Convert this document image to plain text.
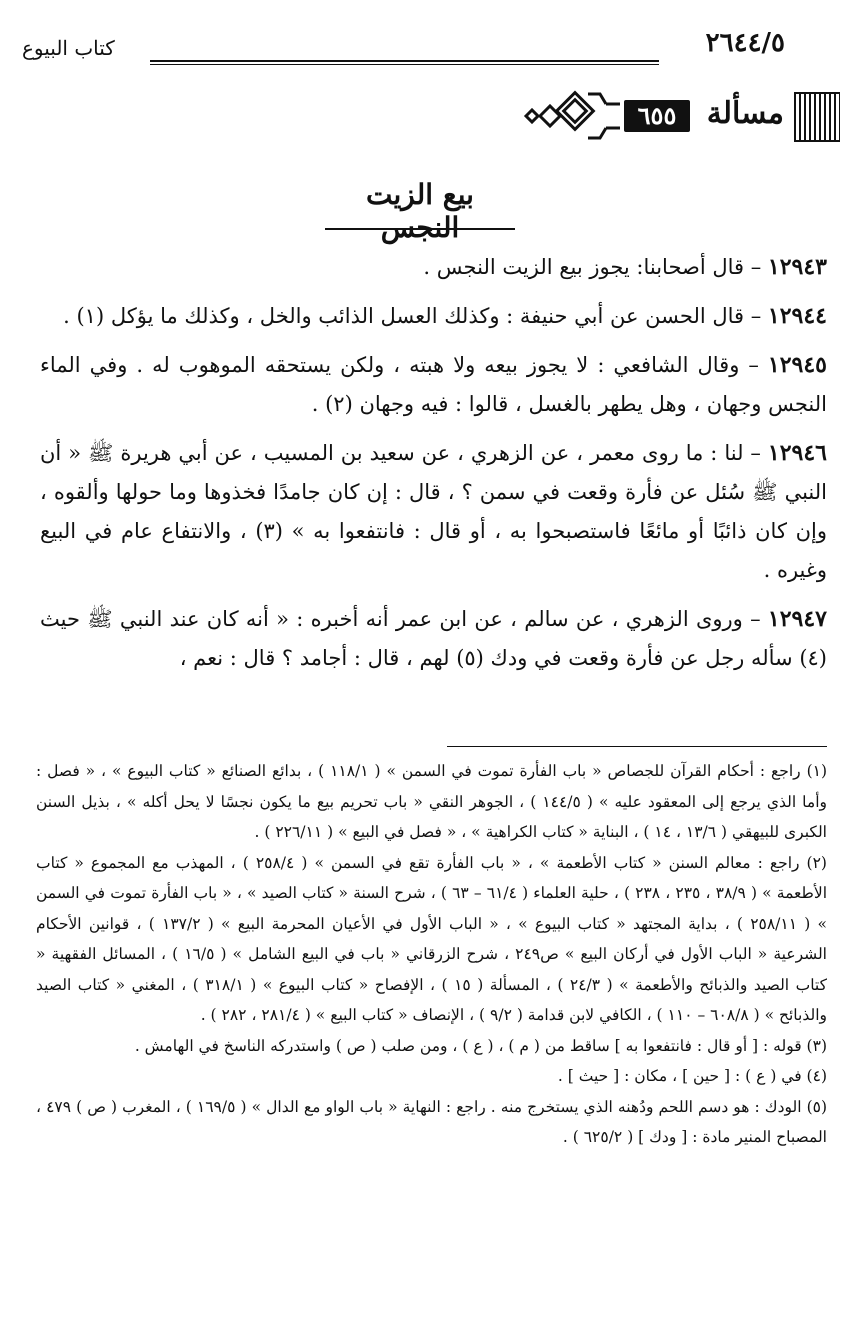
٢٦٤٤/٥
كتاب البيوع
مسألة
٦٥٥
بيع الزيت النجس

١٢٩٤٣ – قال أصحابنا: يجوز بيع الزيت النجس .

١٢٩٤٤ – قال الحسن عن أبي حنيفة : وكذلك العسل الذائب والخل ، وكذلك ما يؤكل (١) .

١٢٩٤٥ – وقال الشافعي : لا يجوز بيعه ولا هبته ، ولكن يستحقه الموهوب له . وفي الماء النجس وجهان ، وهل يطهر بالغسل ، قالوا : فيه وجهان (٢) .

١٢٩٤٦ – لنا : ما روى معمر ، عن الزهري ، عن سعيد بن المسيب ، عن أبي هريرة ﷺ « أن النبي ﷺ سُئل عن فأرة وقعت في سمن ؟ ، قال : إن كان جامدًا فخذوها وما حولها وألقوه ، وإن كان ذائبًا أو مائعًا فاستصبحوا به ، أو قال : فانتفعوا به » (٣) ، والانتفاع عام في البيع وغيره .

١٢٩٤٧ – وروى الزهري ، عن سالم ، عن ابن عمر أنه أخبره : « أنه كان عند النبي ﷺ حيث (٤) سأله رجل عن فأرة وقعت في ودك (٥) لهم ، قال : أجامد ؟ قال : نعم ،

(١) راجع : أحكام القرآن للجصاص « باب الفأرة تموت في السمن » ( ١١٨/١ ) ، بدائع الصنائع « كتاب البيوع » ، « فصل : وأما الذي يرجع إلى المعقود عليه » ( ١٤٤/٥ ) ، الجوهر النقي « باب تحريم بيع ما يكون نجسًا لا يحل أكله » ، بذيل السنن الكبرى للبيهقي ( ١٣/٦ ، ١٤ ) ، البناية « كتاب الكراهية » ، « فصل في البيع » ( ٢٢٦/١١ ) .

(٢) راجع : معالم السنن « كتاب الأطعمة » ، « باب الفأرة تقع في السمن » ( ٢٥٨/٤ ) ، المهذب مع المجموع « كتاب الأطعمة » ( ٣٨/٩ ، ٢٣٥ ، ٢٣٨ ) ، حلية العلماء ( ٦١/٤ – ٦٣ ) ، شرح السنة « كتاب الصيد » ، « باب الفأرة تموت في السمن » ( ٢٥٨/١١ ) ، بداية المجتهد « كتاب البيوع » ، « الباب الأول في الأعيان المحرمة البيع » ( ١٣٧/٢ ) ، قوانين الأحكام الشرعية « الباب الأول في أركان البيع » ص٢٤٩ ، شرح الزرقاني « باب في البيع الشامل » ( ١٦/٥ ) ، المسائل الفقهية « كتاب الصيد والذبائح والأطعمة » ( ٢٤/٣ ) ، المسألة ( ١٥ ) ، الإفصاح « كتاب البيوع » ( ٣١٨/١ ) ، المغني « كتاب الصيد والذبائح » ( ٦٠٨/٨ – ١١٠ ) ، الكافي لابن قدامة ( ٩/٢ ) ، الإنصاف « كتاب البيع » ( ٢٨١/٤ ، ٢٨٢ ) .

(٣) قوله : [ أو قال : فانتفعوا به ] ساقط من ( م ) ، ( ع ) ، ومن صلب ( ص ) واستدركه الناسخ في الهامش .

(٤) في ( ع ) : [ حين ] ، مكان : [ حيث ] .

(٥) الودك : هو دسم اللحم ودُهنه الذي يستخرج منه . راجع : النهاية « باب الواو مع الدال » ( ١٦٩/٥ ) ، المغرب ( ص ) ٤٧٩ ، المصباح المنير مادة : [ ودك ] ( ٦٢٥/٢ ) .
